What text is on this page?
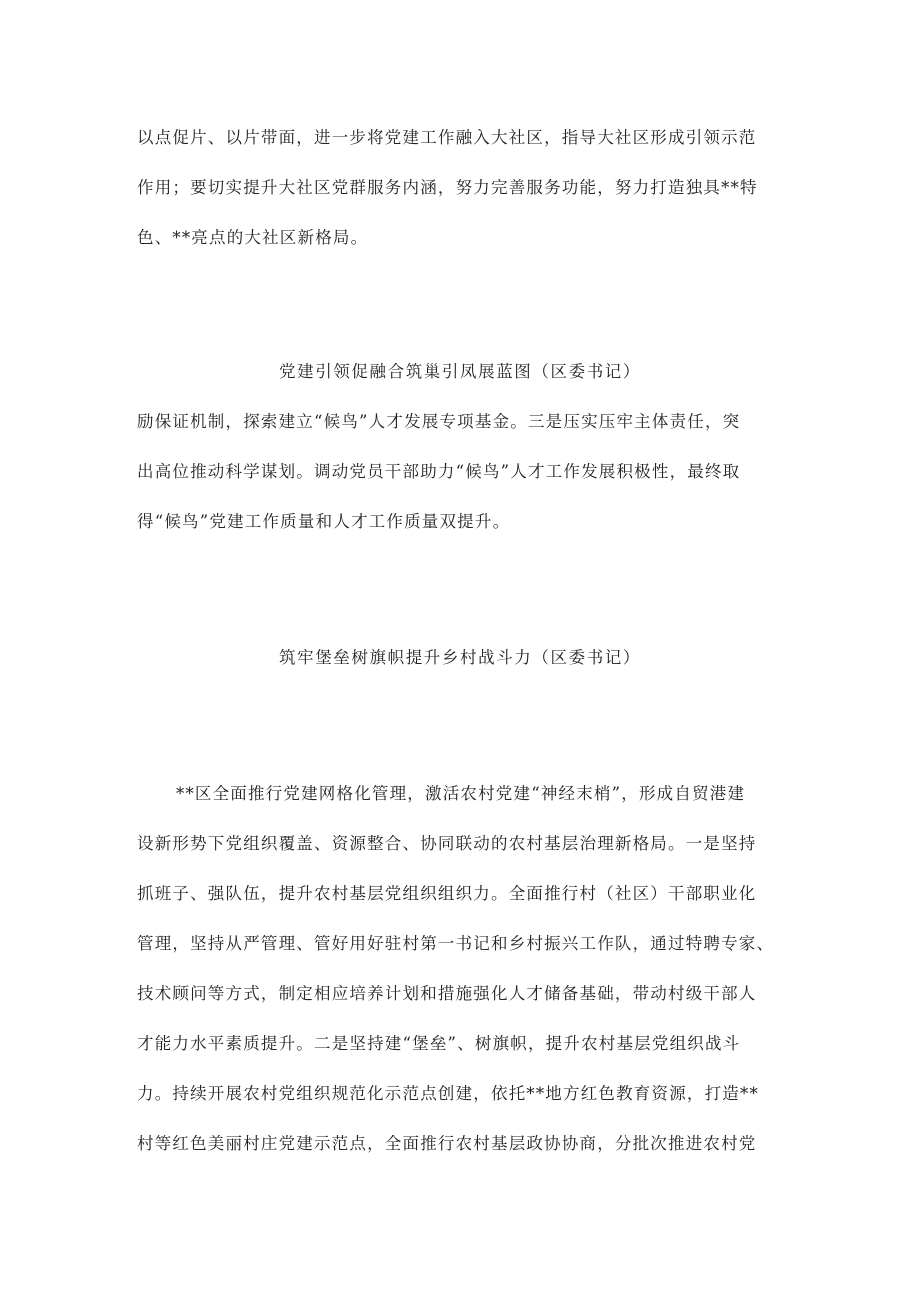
以点促片、以片带面，进一步将党建工作融入大社区，指导大社区形成引领示范
作用；要切实提升大社区党群服务内涵，努力完善服务功能，努力打造独具**特
色、**亮点的大社区新格局。
党建引领促融合筑巢引凤展蓝图（区委书记）
励保证机制，探索建立“候鸟”人才发展专项基金。三是压实压牢主体责任，突
出高位推动科学谋划。调动党员干部助力“候鸟”人才工作发展积极性，最终取
得“候鸟”党建工作质量和人才工作质量双提升。
筑牢堡垒树旗帜提升乡村战斗力（区委书记）
**区全面推行党建网格化管理，激活农村党建“神经末梢”，形成自贸港建
设新形势下党组织覆盖、资源整合、协同联动的农村基层治理新格局。一是坚持
抓班子、强队伍，提升农村基层党组织组织力。全面推行村（社区）干部职业化
管理，坚持从严管理、管好用好驻村第一书记和乡村振兴工作队，通过特聘专家、
技术顾问等方式，制定相应培养计划和措施强化人才储备基础，带动村级干部人
才能力水平素质提升。二是坚持建“堡垒”、树旗帜，提升农村基层党组织战斗
力。持续开展农村党组织规范化示范点创建，依托**地方红色教育资源，打造**
村等红色美丽村庄党建示范点，全面推行农村基层政协协商，分批次推进农村党
